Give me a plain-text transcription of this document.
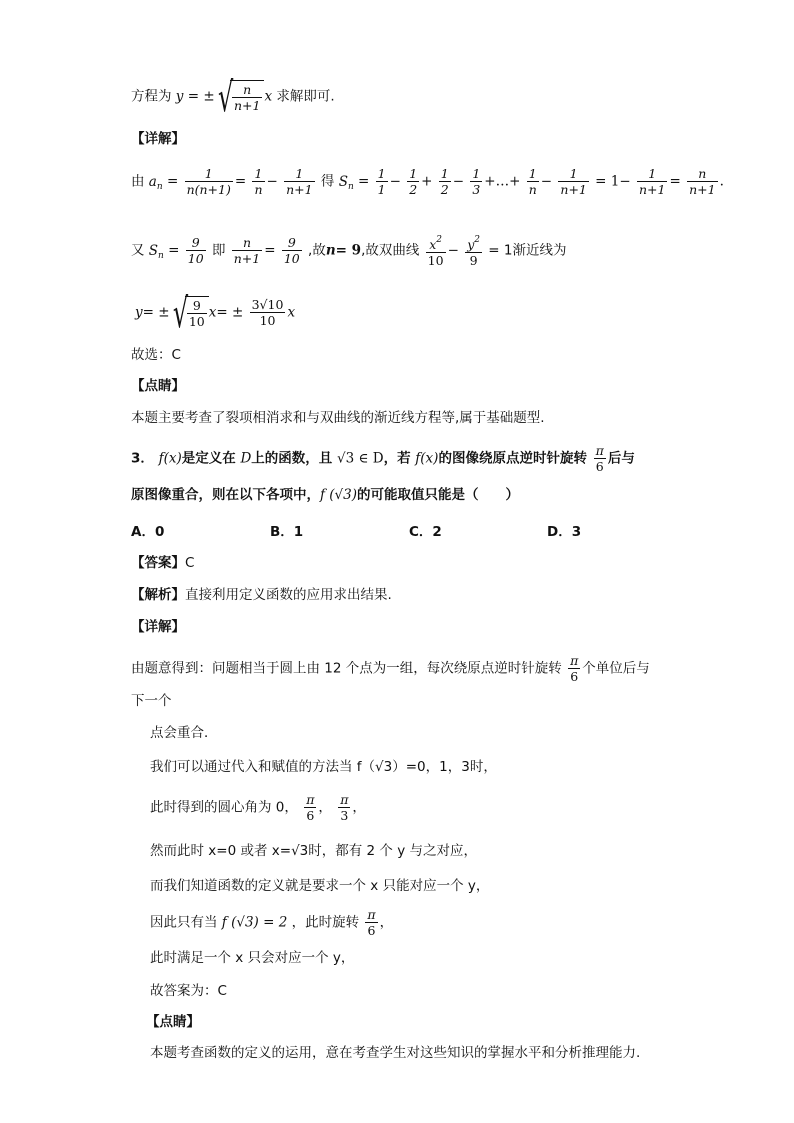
方程为 y = ± √ $\frac{n}{n+1}$ x 求解即可.
【详解】
由 $a_n = \frac{1}{n(n+1)} = \frac{1}{n} - \frac{1}{n+1}$ 得 $S_n = \frac{1}{1} - \frac{1}{2} + \frac{1}{2} - \frac{1}{3}$ +…+ $\frac{1}{n} - \frac{1}{n+1} = 1- \frac{1}{n+1} = \frac{n}{n+1}$ .
又 $S_n = \frac{9}{10}$ 即 $\frac{n}{n+1} = \frac{9}{10}$ ,故n= 9,故双曲线 $\frac{x^2}{10} - \frac{y^2}{9} = 1$渐近线为
y= ± √ $\frac{9}{10} x= \pm \frac{3√10}{10}$ x
故选：C
【点睛】
本题主要考查了裂项相消求和与双曲线的渐近线方程等,属于基础题型.
3． f(x)是定义在 D上的函数，且 √3 ∈ D，若 f(x)的图像绕原点逆时针旋转 $\frac{\pi}{6}$ 后与
原图像重合，则在以下各项中，f (√3)的可能取值只能是（　　）
A．0	B．1	C．2	D．3
【答案】C
【解析】直接利用定义函数的应用求出结果.
【详解】
由题意得到：问题相当于圆上由 12 个点为一组，每次绕原点逆时针旋转 $\frac{\pi}{6}$ 个单位后与
下一个
点会重合．
我们可以通过代入和赋值的方法当 f（√3）=0，1，3时，
此时得到的圆心角为 0， $\frac{\pi}{6}$ ， $\frac{\pi}{3}$ ，
然而此时 x=0 或者 x=√3时，都有 2 个 y 与之对应，
而我们知道函数的定义就是要求一个 x 只能对应一个 y，
因此只有当 f (√3) = 2 ，此时旋转 $\frac{\pi}{6}$ ，
此时满足一个 x 只会对应一个 y，
故答案为：C
【点睛】
本题考查函数的定义的运用，意在考查学生对这些知识的掌握水平和分析推理能力.
